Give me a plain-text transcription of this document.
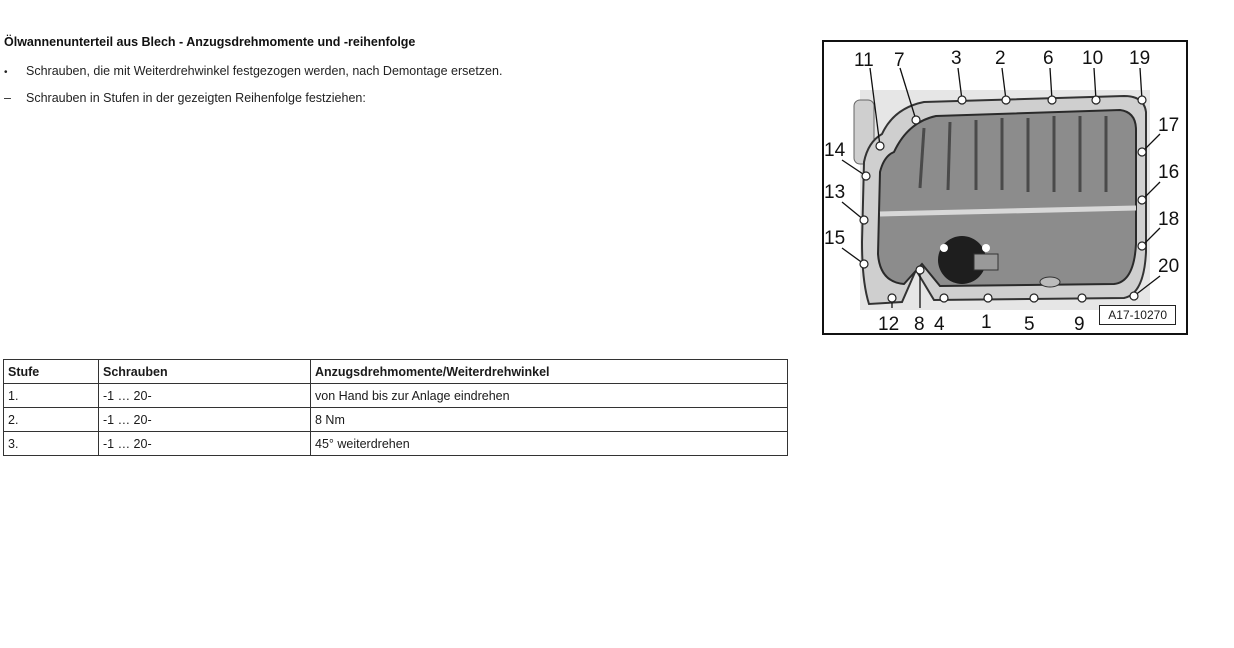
Ölwannenunterteil aus Blech - Anzugsdrehmomente und -reihenfolge
• Schrauben, die mit Weiterdrehwinkel festgezogen werden, nach Demontage ersetzen.
– Schrauben in Stufen in der gezeigten Reihenfolge festziehen:
11 7 3 2 6 10 19
17
14
16
13
18
15
20
12 8 4 1 5 9	A17-10270
Stufe	Schrauben	Anzugsdrehmomente/Weiterdrehwinkel
1.	-1 … 20-	von Hand bis zur Anlage eindrehen
2.	-1 … 20-	8 Nm
3.	-1 … 20-	45° weiterdrehen
